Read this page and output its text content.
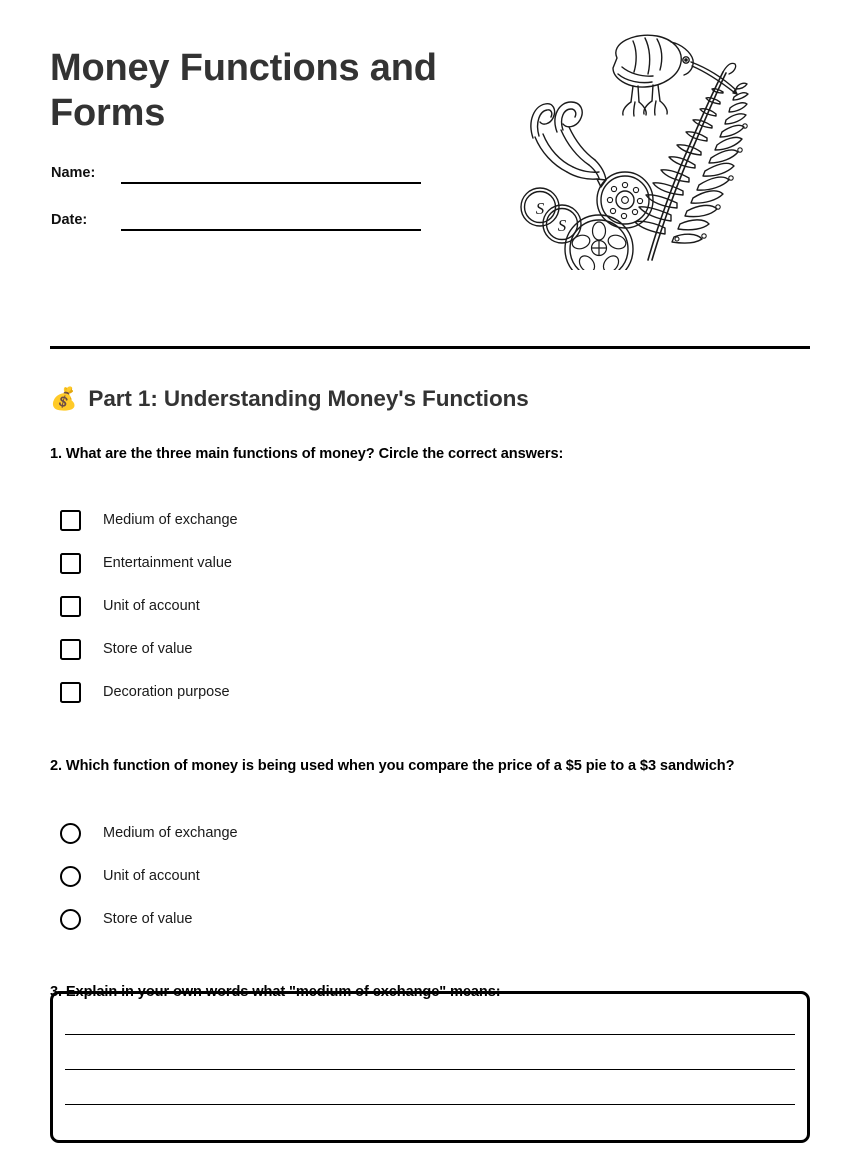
Money Functions and Forms
Name:
Date:
S
S
💰 Part 1: Understanding Money's Functions
1. What are the three main functions of money? Circle the correct answers:
Medium of exchange
Entertainment value
Unit of account
Store of value
Decoration purpose
2. Which function of money is being used when you compare the price of a $5 pie to a $3 sandwich?
Medium of exchange
Unit of account
Store of value
3. Explain in your own words what "medium of exchange" means:
